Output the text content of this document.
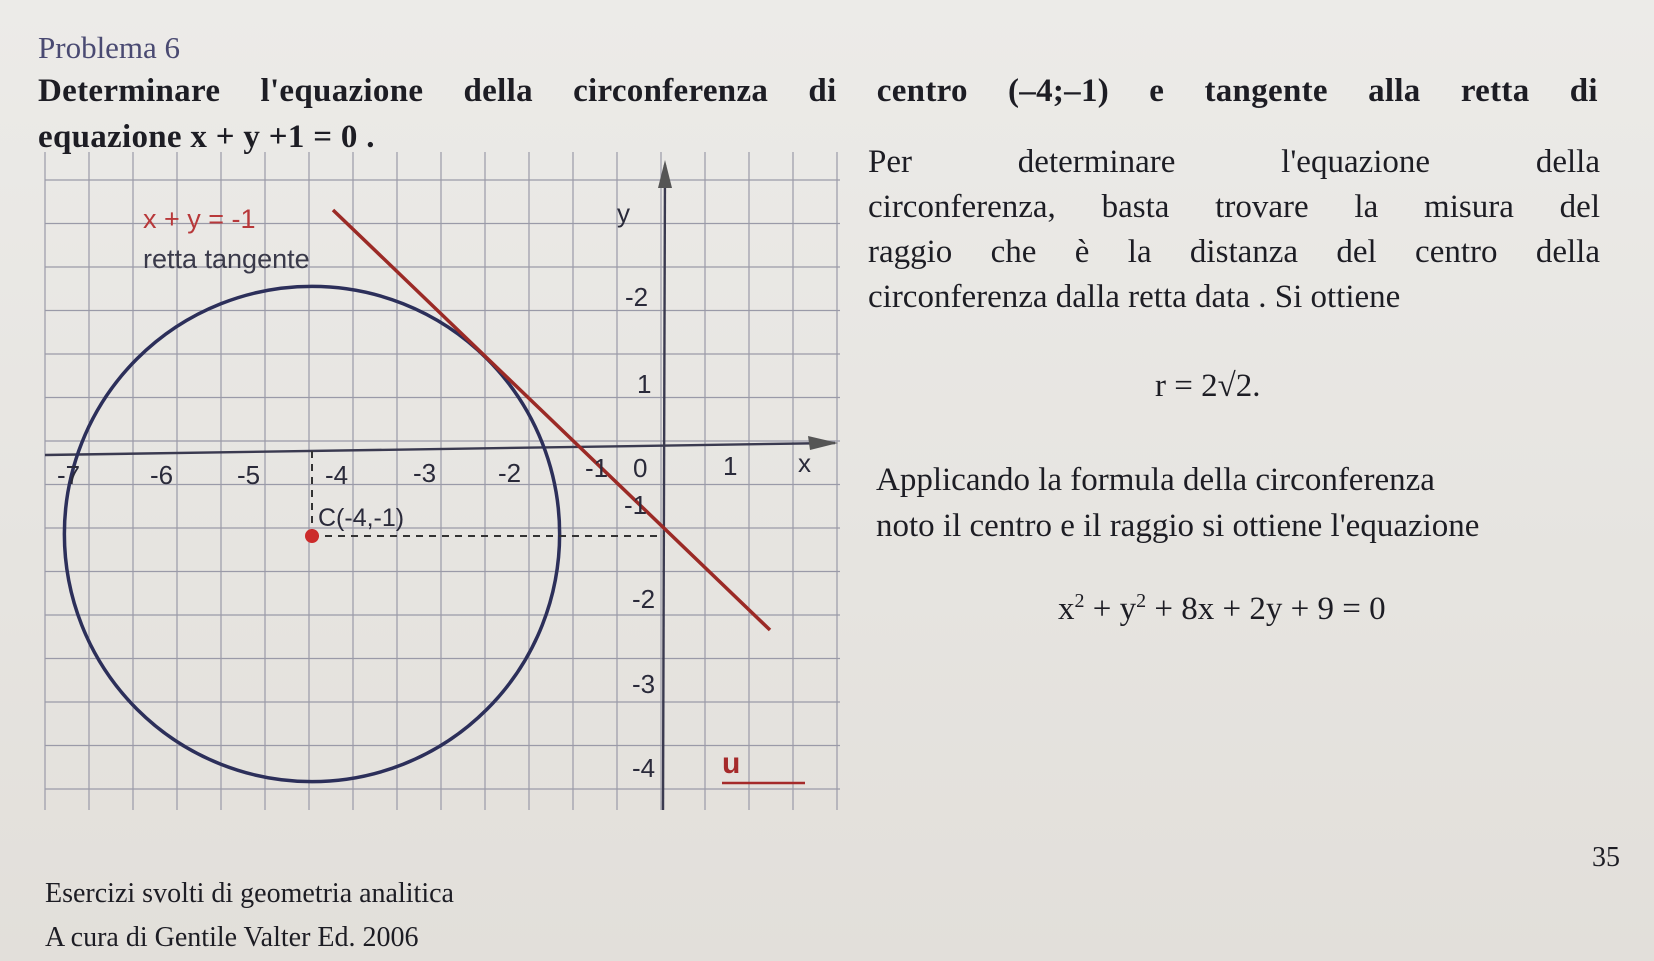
Problema 6
Determinare l'equazione della circonferenza di centro (–4;–1) e tangente alla retta di
equazione x + y +1 = 0 .

Per determinare l'equazione della

circonferenza, basta trovare la misura del

raggio che è la distanza del centro della

circonferenza dalla retta data . Si ottiene

r = 2√2.

Applicando la formula della circonferenza

noto il centro e il raggio si ottiene l'equazione

$x^2 + y^2 + 8x + 2y + 9 = 0$
x + y = -1
retta tangente
y
x
C(-4,-1)
u
-7	-6 -5 -4 -3 -2 -1 0	1
-2
1
-1
-2
-3
-4
35
Esercizi svolti di geometria analitica
A cura di Gentile Valter Ed. 2006
